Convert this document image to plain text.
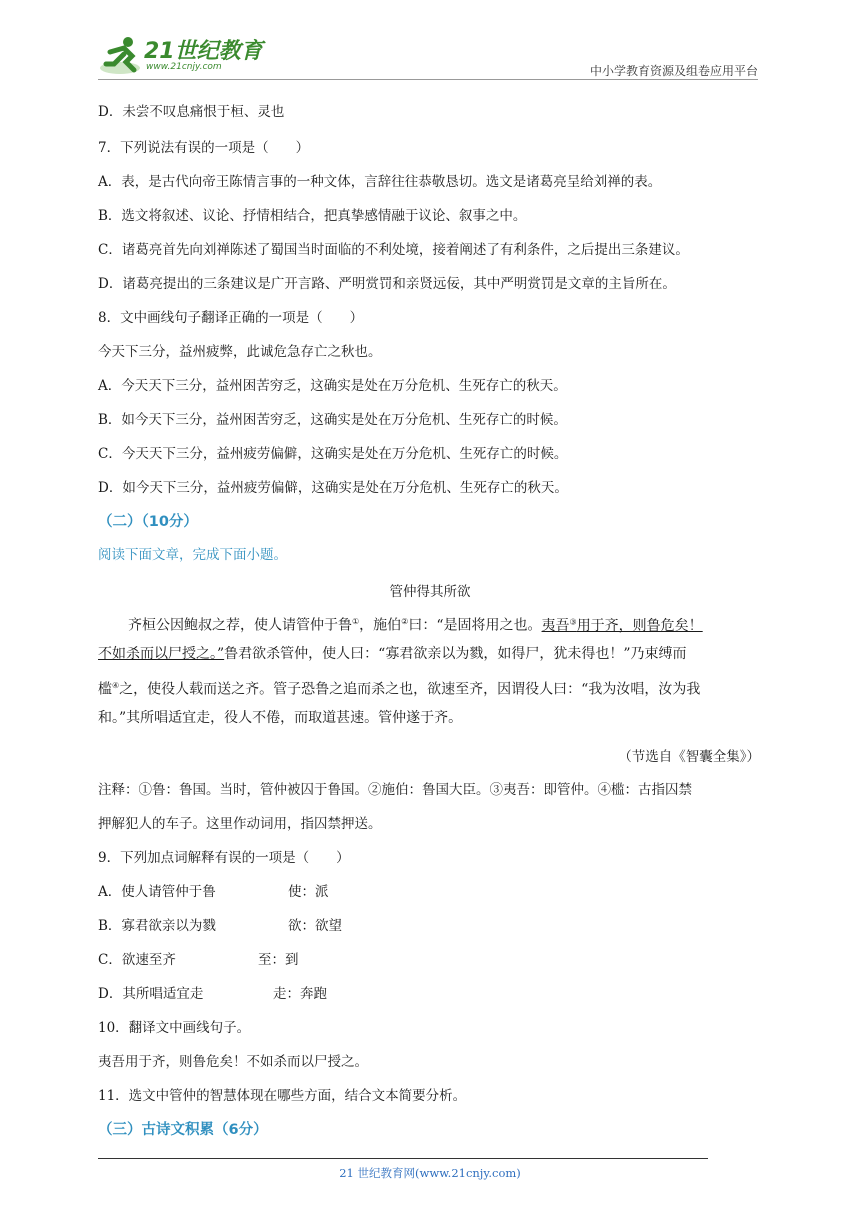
21世纪教育
www.21cnjy.com	中小学教育资源及组卷应用平台
D．未尝不叹息痛恨于桓、灵也
7．下列说法有误的一项是（　　）
A．表，是古代向帝王陈情言事的一种文体，言辞往往恭敬恳切。选文是诸葛亮呈给刘禅的表。
B．选文将叙述、议论、抒情相结合，把真挚感情融于议论、叙事之中。
C．诸葛亮首先向刘禅陈述了蜀国当时面临的不利处境，接着阐述了有利条件，之后提出三条建议。
D．诸葛亮提出的三条建议是广开言路、严明赏罚和亲贤远佞，其中严明赏罚是文章的主旨所在。
8．文中画线句子翻译正确的一项是（　　）
今天下三分，益州疲弊，此诚危急存亡之秋也。
A．今天天下三分，益州困苦穷乏，这确实是处在万分危机、生死存亡的秋天。
B．如今天下三分，益州困苦穷乏，这确实是处在万分危机、生死存亡的时候。
C．今天天下三分，益州疲劳偏僻，这确实是处在万分危机、生死存亡的时候。
D．如今天下三分，益州疲劳偏僻，这确实是处在万分危机、生死存亡的秋天。
（二）（10分）
阅读下面文章，完成下面小题。
管仲得其所欲
齐桓公因鲍叔之荐，使人请管仲于鲁①，施伯②曰：“是固将用之也。夷吾③用于齐，则鲁危矣！
不如杀而以尸授之。”鲁君欲杀管仲，使人曰：“寡君欲亲以为戮，如得尸，犹未得也！”乃束缚而
槛④之，使役人载而送之齐。管子恐鲁之追而杀之也，欲速至齐，因谓役人曰：“我为汝唱，汝为我
和。”其所唱适宜走，役人不倦，而取道甚速。管仲遂于齐。
（节选自《智囊全集》）
注释：①鲁：鲁国。当时，管仲被囚于鲁国。②施伯：鲁国大臣。③夷吾：即管仲。④槛：古指囚禁
押解犯人的车子。这里作动词用，指囚禁押送。
9．下列加点词解释有误的一项是（　　）
A．使人请管仲于鲁	使：派
B．寡君欲亲以为戮	欲：欲望
C．欲速至齐	至：到
D．其所唱适宜走	走：奔跑
10．翻译文中画线句子。
夷吾用于齐，则鲁危矣！不如杀而以尸授之。
11．选文中管仲的智慧体现在哪些方面，结合文本简要分析。
（三）古诗文积累（6分）
21 世纪教育网(www.21cnjy.com)
